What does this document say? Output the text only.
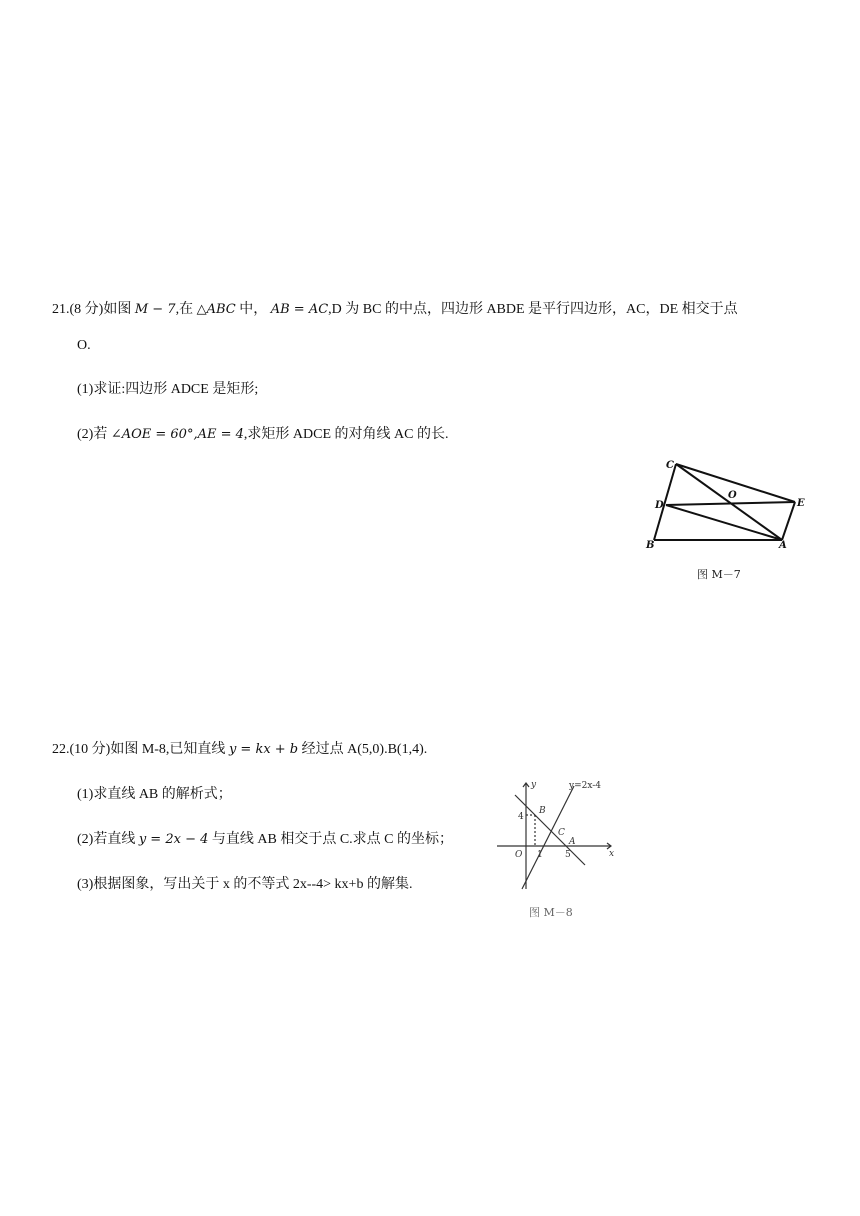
21.(8 分)如图 M − 7,在 △ABC 中， AB = AC,D 为 BC 的中点，四边形 ABDE 是平行四边形，AC，DE 相交于点
O.
(1)求证:四边形 ADCE 是矩形;
(2)若 ∠AOE = 60°,AE = 4,求矩形 ADCE 的对角线 AC 的长.
C
O
D	E
B	A
图 M－7
22.(10 分)如图 M-8,已知直线 y = kx + b 经过点 A(5,0).B(1,4).
(1)求直线 AB 的解析式；
(2)若直线 y = 2x − 4 与直线 AB 相交于点 C.求点 C 的坐标；
(3)根据图象，写出关于 x 的不等式 2x--4> kx+b 的解集.
y
x
y=2x-4
4
1 5
O
B
C
A
图 M－8
